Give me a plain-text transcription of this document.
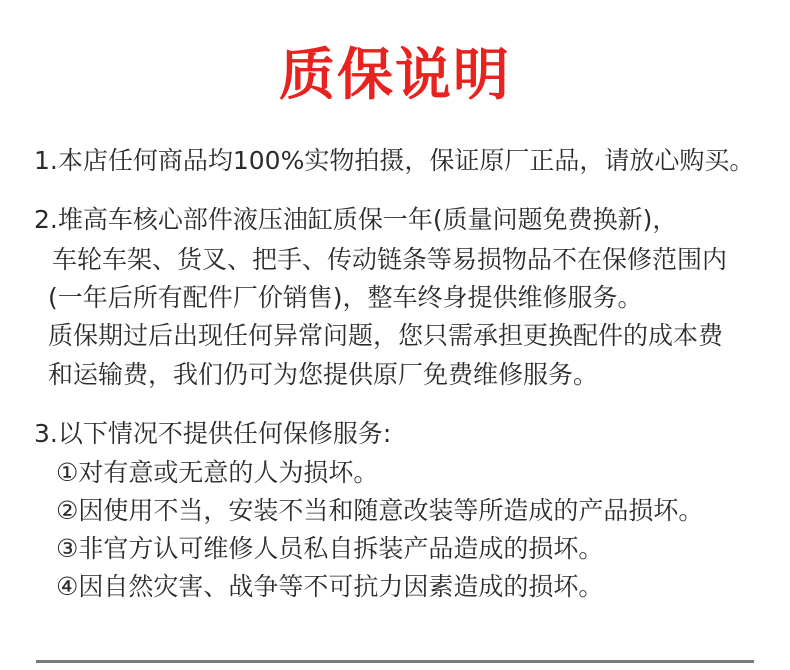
质保说明
1.本店任何商品均100%实物拍摄，保证原厂正品，请放心购买。
2.堆高车核心部件液压油缸质保一年(质量问题免费换新)，
车轮车架、货叉、把手、传动链条等易损物品不在保修范围内
(一年后所有配件厂价销售)，整车终身提供维修服务。
质保期过后出现任何异常问题，您只需承担更换配件的成本费
和运输费，我们仍可为您提供原厂免费维修服务。
3.以下情况不提供任何保修服务:
①对有意或无意的人为损坏。
②因使用不当，安装不当和随意改装等所造成的产品损坏。
③非官方认可维修人员私自拆装产品造成的损坏。
④因自然灾害、战争等不可抗力因素造成的损坏。
